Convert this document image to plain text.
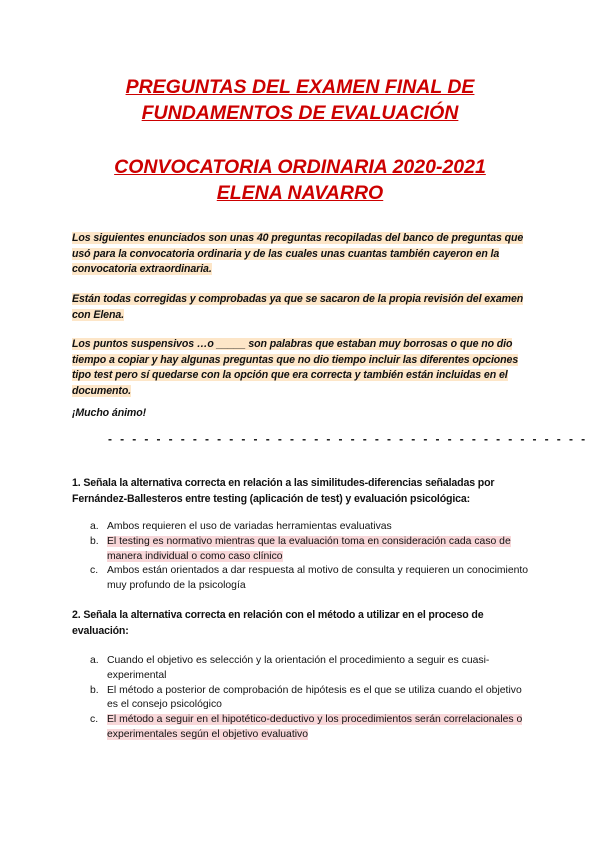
PREGUNTAS DEL EXAMEN FINAL DE
FUNDAMENTOS DE EVALUACIÓN
CONVOCATORIA ORDINARIA 2020-2021
ELENA NAVARRO
Los siguientes enunciados son unas 40 preguntas recopiladas del banco de preguntas que usó para la convocatoria ordinaria y de las cuales unas cuantas también cayeron en la convocatoria extraordinaria.
Están todas corregidas y comprobadas ya que se sacaron de la propia revisión del examen con Elena.
Los puntos suspensivos …o _____ son palabras que estaban muy borrosas o que no dio tiempo a copiar y hay algunas preguntas que no dio tiempo incluir las diferentes opciones tipo test pero sí quedarse con la opción que era correcta y también están incluidas en el documento.
¡Mucho ánimo!
- - - - - - - - - - - - - - - - - - - - - - - - - - - - - - - - - - - - - - - -
1. Señala la alternativa correcta en relación a las similitudes-diferencias señaladas por Fernández-Ballesteros entre testing (aplicación de test) y evaluación psicológica:
a. Ambos requieren el uso de variadas herramientas evaluativas
b. El testing es normativo mientras que la evaluación toma en consideración cada caso de manera individual o como caso clínico
c. Ambos están orientados a dar respuesta al motivo de consulta y requieren un conocimiento muy profundo de la psicología
2. Señala la alternativa correcta en relación con el método a utilizar en el proceso de evaluación:
a. Cuando el objetivo es selección y la orientación el procedimiento a seguir es cuasi-experimental
b. El método a posterior de comprobación de hipótesis es el que se utiliza cuando el objetivo es el consejo psicológico
c. El método a seguir en el hipotético-deductivo y los procedimientos serán correlacionales o experimentales según el objetivo evaluativo
